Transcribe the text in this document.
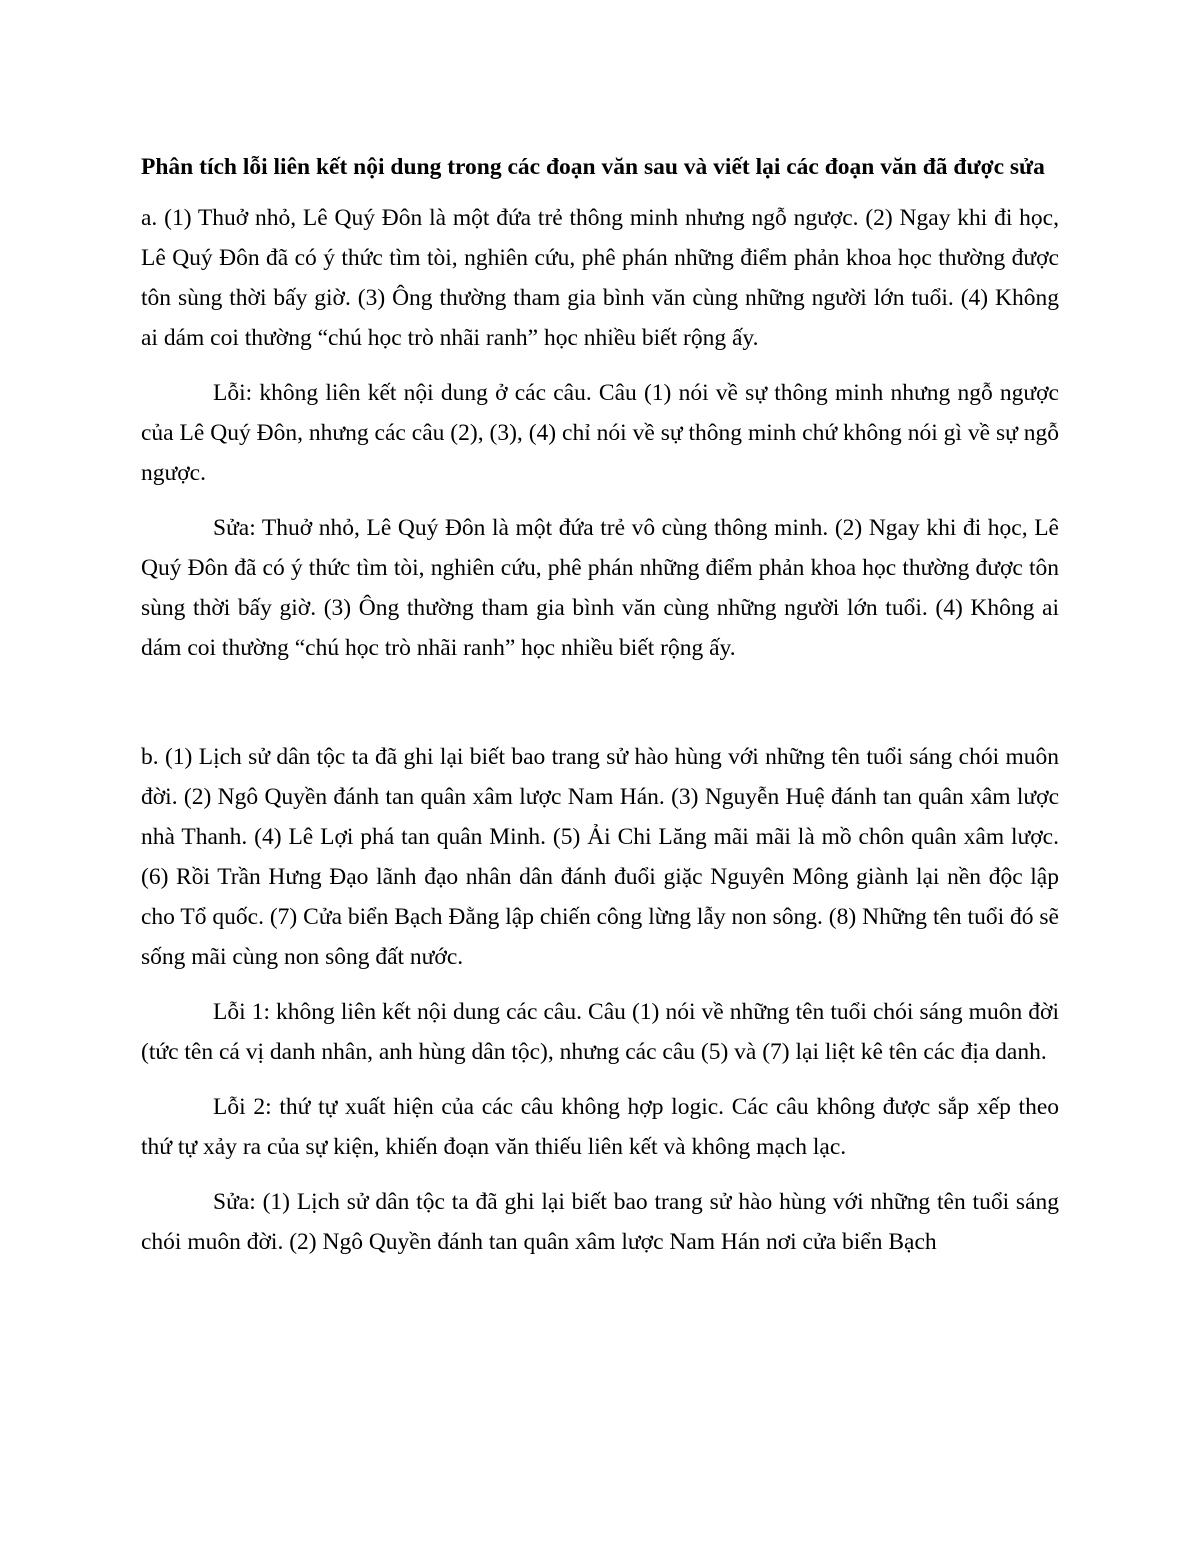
Phân tích lỗi liên kết nội dung trong các đoạn văn sau và viết lại các đoạn văn đã được sửa

a. (1) Thuở nhỏ, Lê Quý Đôn là một đứa trẻ thông minh nhưng ngỗ ngược. (2) Ngay khi đi học, Lê Quý Đôn đã có ý thức tìm tòi, nghiên cứu, phê phán những điểm phản khoa học thường được tôn sùng thời bấy giờ. (3) Ông thường tham gia bình văn cùng những người lớn tuổi. (4) Không ai dám coi thường “chú học trò nhãi ranh” học nhiều biết rộng ấy.

Lỗi: không liên kết nội dung ở các câu. Câu (1) nói về sự thông minh nhưng ngỗ ngược của Lê Quý Đôn, nhưng các câu (2), (3), (4) chỉ nói về sự thông minh chứ không nói gì về sự ngỗ ngược.

Sửa: Thuở nhỏ, Lê Quý Đôn là một đứa trẻ vô cùng thông minh. (2) Ngay khi đi học, Lê Quý Đôn đã có ý thức tìm tòi, nghiên cứu, phê phán những điểm phản khoa học thường được tôn sùng thời bấy giờ. (3) Ông thường tham gia bình văn cùng những người lớn tuổi. (4) Không ai dám coi thường “chú học trò nhãi ranh” học nhiều biết rộng ấy.

b. (1) Lịch sử dân tộc ta đã ghi lại biết bao trang sử hào hùng với những tên tuổi sáng chói muôn đời. (2) Ngô Quyền đánh tan quân xâm lược Nam Hán. (3) Nguyễn Huệ đánh tan quân xâm lược nhà Thanh. (4) Lê Lợi phá tan quân Minh. (5) Ải Chi Lăng mãi mãi là mồ chôn quân xâm lược. (6) Rồi Trần Hưng Đạo lãnh đạo nhân dân đánh đuổi giặc Nguyên Mông giành lại nền độc lập cho Tổ quốc. (7) Cửa biển Bạch Đằng lập chiến công lừng lẫy non sông. (8) Những tên tuổi đó sẽ sống mãi cùng non sông đất nước.

Lỗi 1: không liên kết nội dung các câu. Câu (1) nói về những tên tuổi chói sáng muôn đời (tức tên cá vị danh nhân, anh hùng dân tộc), nhưng các câu (5) và (7) lại liệt kê tên các địa danh.

Lỗi 2: thứ tự xuất hiện của các câu không hợp logic. Các câu không được sắp xếp theo thứ tự xảy ra của sự kiện, khiến đoạn văn thiếu liên kết và không mạch lạc.

Sửa: (1) Lịch sử dân tộc ta đã ghi lại biết bao trang sử hào hùng với những tên tuổi sáng chói muôn đời. (2) Ngô Quyền đánh tan quân xâm lược Nam Hán nơi cửa biển Bạch
